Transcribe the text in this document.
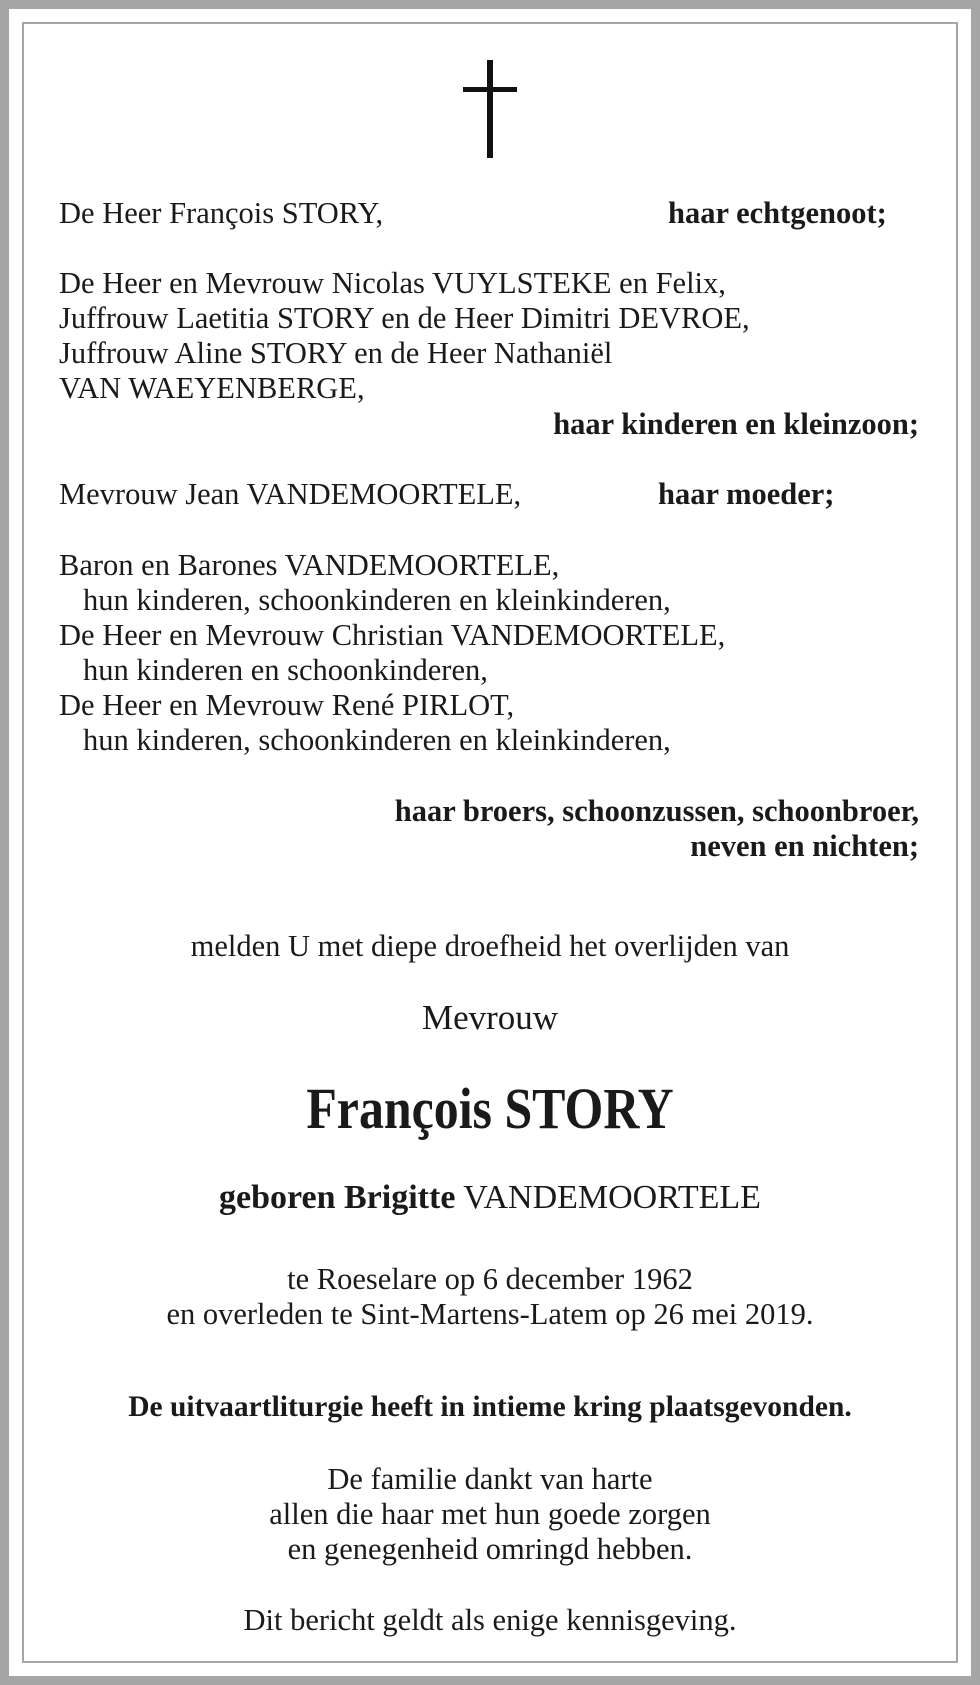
De Heer François STORY,	haar echtgenoot;

De Heer en Mevrouw Nicolas VUYLSTEKE en Felix,

Juffrouw Laetitia STORY en de Heer Dimitri DEVROE,

Juffrouw Aline STORY en de Heer Nathaniël

VAN WAEYENBERGE,

haar kinderen en kleinzoon;

Mevrouw Jean VANDEMOORTELE,	haar moeder;

Baron en Barones VANDEMOORTELE,

hun kinderen, schoonkinderen en kleinkinderen,

De Heer en Mevrouw Christian VANDEMOORTELE,

hun kinderen en schoonkinderen,

De Heer en Mevrouw René PIRLOT,

hun kinderen, schoonkinderen en kleinkinderen,

haar broers, schoonzussen, schoonbroer,

neven en nichten;

melden U met diepe droefheid het overlijden van

Mevrouw

François STORY

geboren Brigitte VANDEMOORTELE

te Roeselare op 6 december 1962

en overleden te Sint-Martens-Latem op 26 mei 2019.

De uitvaartliturgie heeft in intieme kring plaatsgevonden.

De familie dankt van harte

allen die haar met hun goede zorgen

en genegenheid omringd hebben.

Dit bericht geldt als enige kennisgeving.
